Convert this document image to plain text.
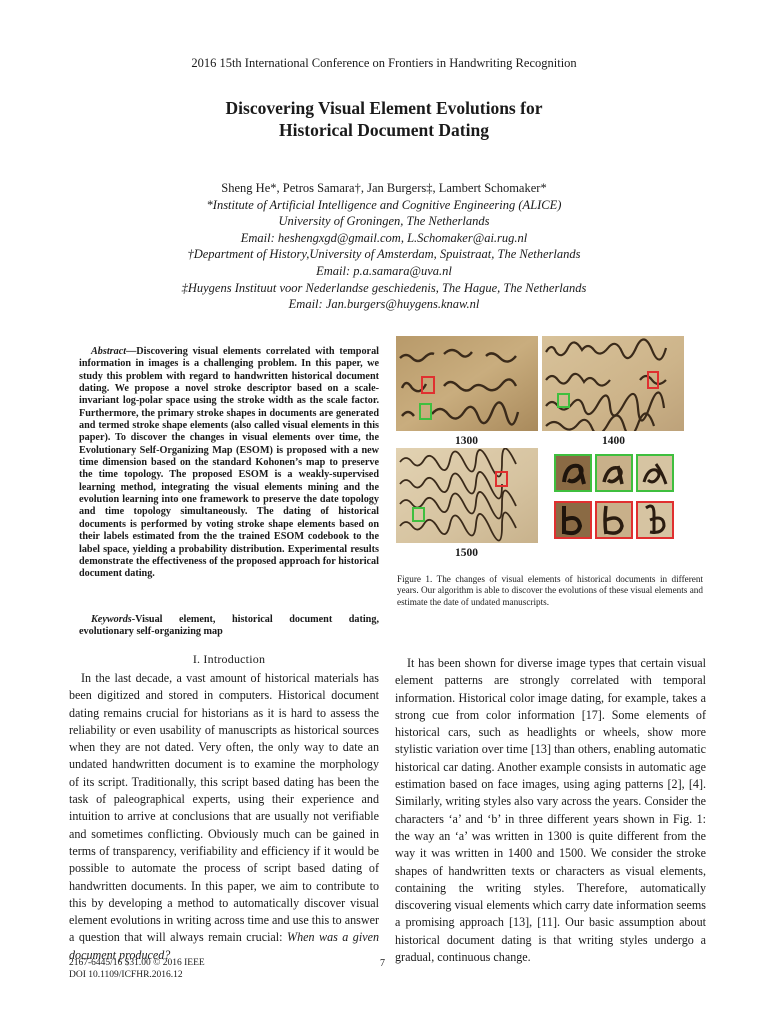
2016 15th International Conference on Frontiers in Handwriting Recognition
Discovering Visual Element Evolutions for
Historical Document Dating
Sheng He*, Petros Samara†, Jan Burgers‡, Lambert Schomaker*
*Institute of Artificial Intelligence and Cognitive Engineering (ALICE)
University of Groningen, The Netherlands
Email: heshengxgd@gmail.com, L.Schomaker@ai.rug.nl
†Department of History,University of Amsterdam, Spuistraat, The Netherlands
Email: p.a.samara@uva.nl
‡Huygens Instituut voor Nederlandse geschiedenis, The Hague, The Netherlands
Email: Jan.burgers@huygens.knaw.nl
Abstract—Discovering visual elements correlated with temporal information in images is a challenging problem. In this paper, we study this problem with regard to handwritten historical document dating. We propose a novel stroke descriptor based on a scale-invariant log-polar space using the stroke width as the scale factor. Furthermore, the primary stroke shapes in documents are generated and termed stroke shape elements (also called visual elements in this paper). To discover the changes in visual elements over time, the Evolutionary Self-Organizing Map (ESOM) is proposed with a new time dimension based on the standard Kohonen’s map to preserve the time topology. The proposed ESOM is a weakly-supervised learning method, integrating the visual elements mining and the evolution learning into one framework to preserve the date topology and time topology simultaneously. The dating of historical documents is performed by voting stroke shape elements based on their labels estimated from the the trained ESOM codebook to the label space, yielding a probability distribution. Experimental results demonstrate the effectiveness of the proposed approach for historical document dating.
Keywords-Visual element, historical document dating, evolutionary self-organizing map
I. Introduction
In the last decade, a vast amount of historical materials has been digitized and stored in computers. Historical document dating remains crucial for historians as it is hard to assess the reliability or even usability of manuscripts as historical sources when they are not dated. Very often, the only way to date an undated handwritten document is to examine the morphology of its script. Traditionally, this script based dating has been the task of paleographical experts, using their experience and intuition to arrive at conclusions that are usually not verifiable and sometimes conflicting. Obviously much can be gained in terms of transparency, verifiability and efficiency if it would be possible to automate the process of script based dating of handwritten documents. In this paper, we aim to contribute to this by developing a method to automatically discover visual element evolutions in writing across time and use this to answer a question that will always remain crucial: When was a given document produced?
It has been shown for diverse image types that certain visual element patterns are strongly correlated with temporal information. Historical color image dating, for example, takes a strong cue from color information [17]. Some elements of historical cars, such as headlights or wheels, show more stylistic variation over time [13] than others, enabling automatic historical car dating. Another example consists in automatic age estimation based on face images, using aging patterns [2], [4]. Similarly, writing styles also vary across the years. Consider the characters ‘a’ and ‘b’ in three different years shown in Fig. 1: the way an ‘a’ was written in 1300 is quite different from the way it was written in 1400 and 1500. We consider the stroke shapes of handwritten texts or characters as visual elements, containing the writing styles. Therefore, automatically discovering visual elements which carry date information seems a promising approach [13], [11]. Our basic assumption about historical document dating is that writing styles undergo a gradual, continuous change.
1300	1400
1500
Figure 1. The changes of visual elements of historical documents in different years. Our algorithm is able to discover the evolutions of these visual elements and estimate the date of undated manuscripts.
2167-6445/16 $31.00 © 2016 IEEE
DOI 10.1109/ICFHR.2016.12
7
